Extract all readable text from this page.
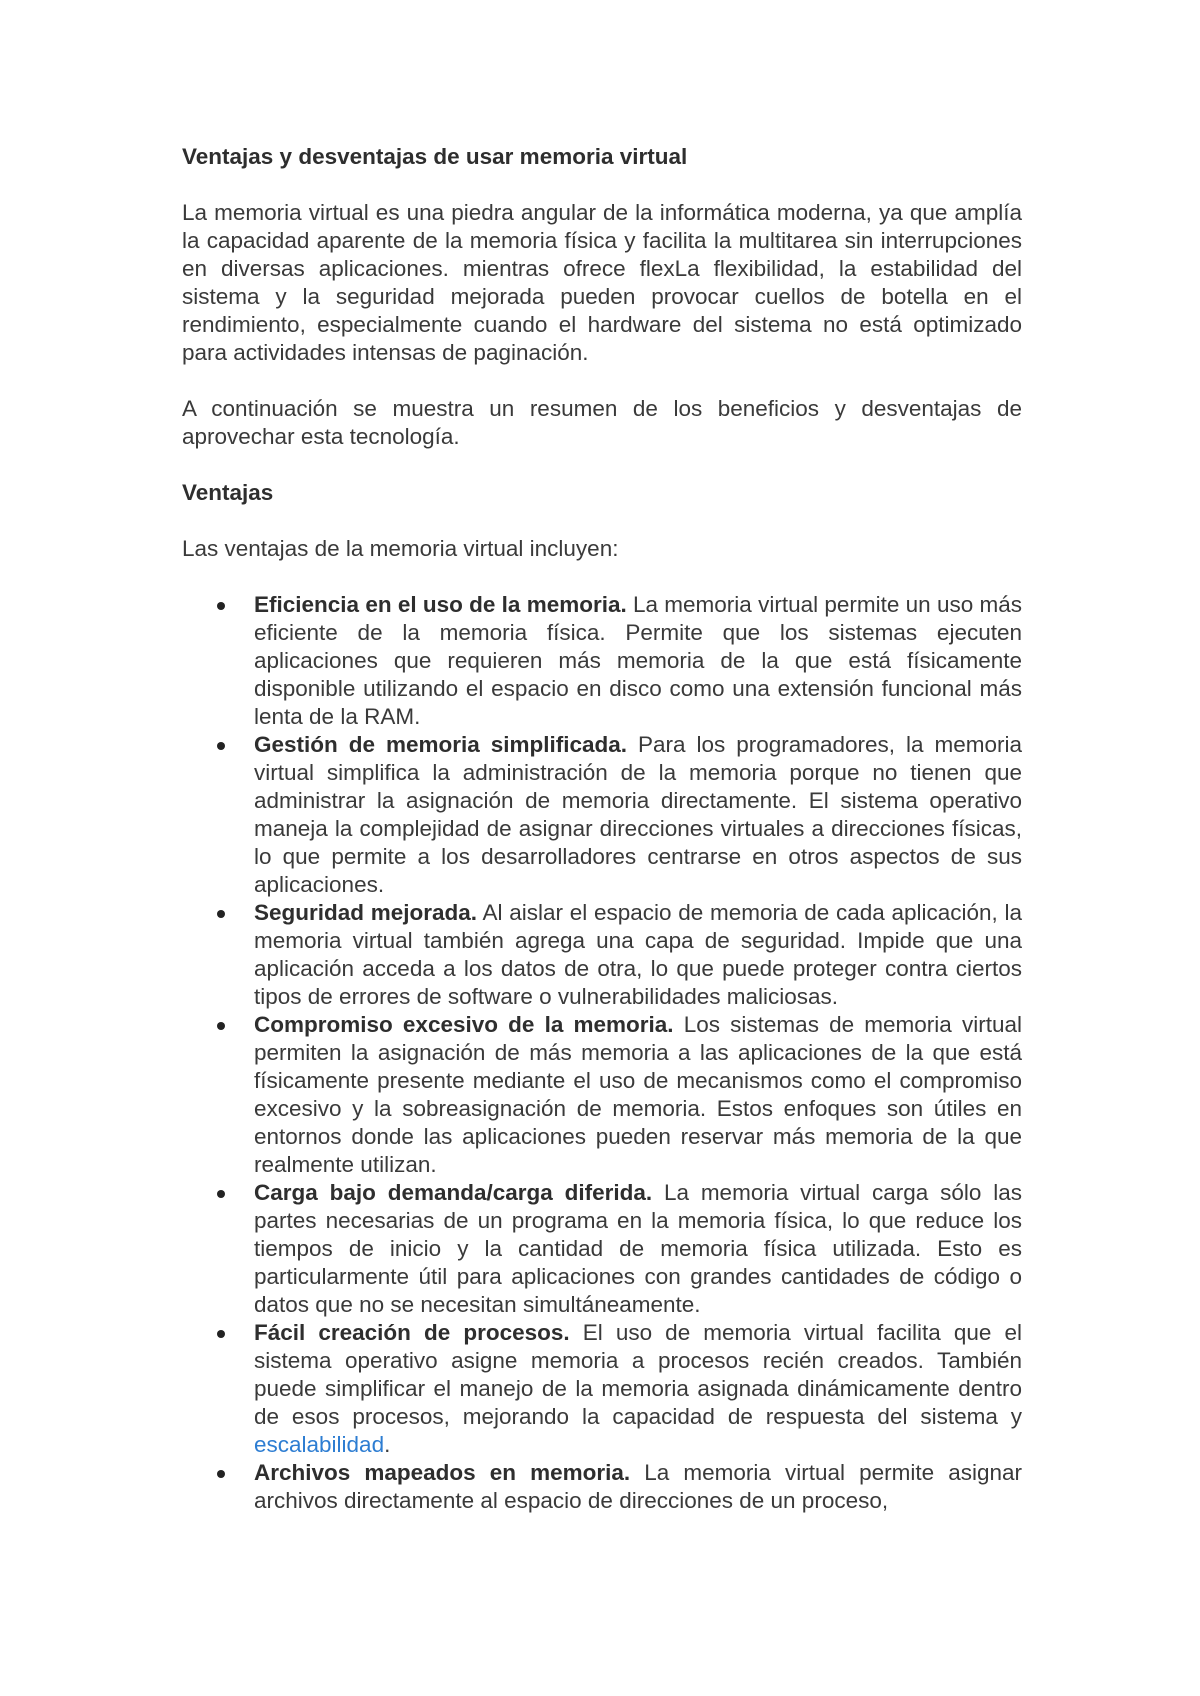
Ventajas y desventajas de usar memoria virtual

La memoria virtual es una piedra angular de la informática moderna, ya que amplía la capacidad aparente de la memoria física y facilita la multitarea sin interrupciones en diversas aplicaciones. mientras ofrece flexLa flexibilidad, la estabilidad del sistema y la seguridad mejorada pueden provocar cuellos de botella en el rendimiento, especialmente cuando el hardware del sistema no está optimizado para actividades intensas de paginación.

A continuación se muestra un resumen de los beneficios y desventajas de aprovechar esta tecnología.

Ventajas

Las ventajas de la memoria virtual incluyen:

Eficiencia en el uso de la memoria. La memoria virtual permite un uso más eficiente de la memoria física. Permite que los sistemas ejecuten aplicaciones que requieren más memoria de la que está físicamente disponible utilizando el espacio en disco como una extensión funcional más lenta de la RAM.
Gestión de memoria simplificada. Para los programadores, la memoria virtual simplifica la administración de la memoria porque no tienen que administrar la asignación de memoria directamente. El sistema operativo maneja la complejidad de asignar direcciones virtuales a direcciones físicas, lo que permite a los desarrolladores centrarse en otros aspectos de sus aplicaciones.
Seguridad mejorada. Al aislar el espacio de memoria de cada aplicación, la memoria virtual también agrega una capa de seguridad. Impide que una aplicación acceda a los datos de otra, lo que puede proteger contra ciertos tipos de errores de software o vulnerabilidades maliciosas.
Compromiso excesivo de la memoria. Los sistemas de memoria virtual permiten la asignación de más memoria a las aplicaciones de la que está físicamente presente mediante el uso de mecanismos como el compromiso excesivo y la sobreasignación de memoria. Estos enfoques son útiles en entornos donde las aplicaciones pueden reservar más memoria de la que realmente utilizan.
Carga bajo demanda/carga diferida. La memoria virtual carga sólo las partes necesarias de un programa en la memoria física, lo que reduce los tiempos de inicio y la cantidad de memoria física utilizada. Esto es particularmente útil para aplicaciones con grandes cantidades de código o datos que no se necesitan simultáneamente.
Fácil creación de procesos. El uso de memoria virtual facilita que el sistema operativo asigne memoria a procesos recién creados. También puede simplificar el manejo de la memoria asignada dinámicamente dentro de esos procesos, mejorando la capacidad de respuesta del sistema y escalabilidad.
Archivos mapeados en memoria. La memoria virtual permite asignar archivos directamente al espacio de direcciones de un proceso,
